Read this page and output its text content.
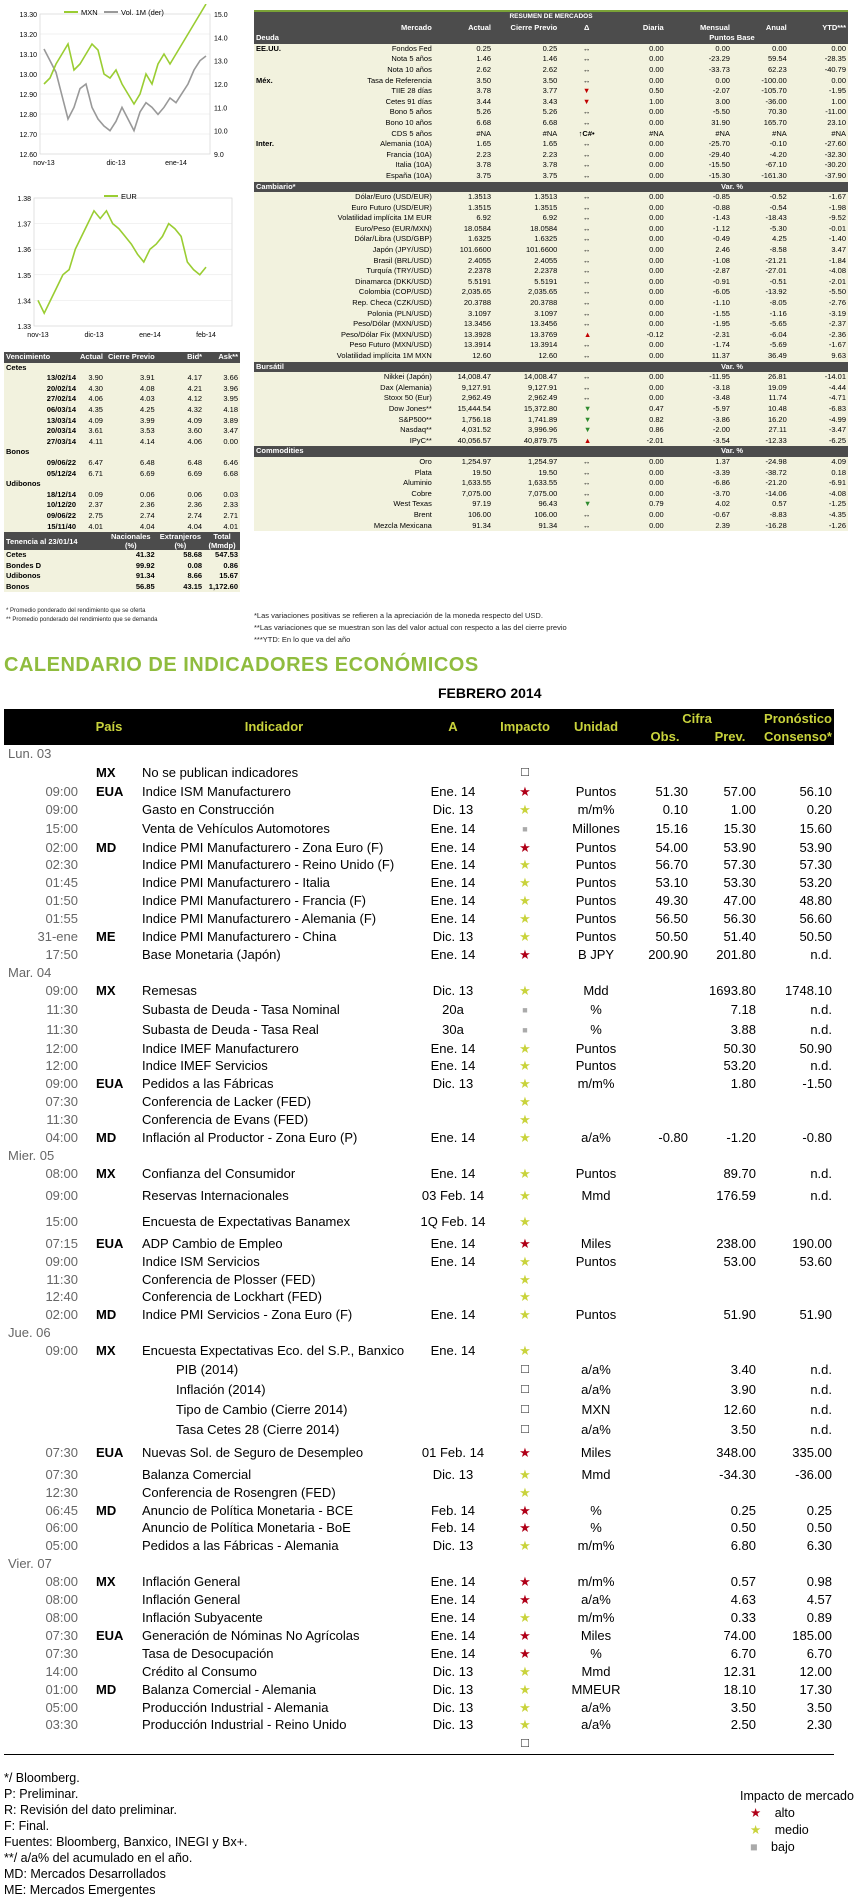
13.30
13.20
13.10
13.00
12.90
12.80
12.70
12.60
15.0
14.0
13.0
12.0
11.0
10.0
9.0
nov-13	dic-13	ene-14
MXN	Vol. 1M (der)
1.38
1.37
1.36
1.35
1.34
1.33
nov-13	dic-13	ene-14	feb-14
EUR
Vencimiento	Actual	Cierre Previo	Bid*	Ask**
Cetes				
13/02/14	3.90	3.91	4.17	3.66
20/02/14	4.30	4.08	4.21	3.96
27/02/14	4.06	4.03	4.12	3.95
06/03/14	4.35	4.25	4.32	4.18
13/03/14	4.09	3.99	4.09	3.89
20/03/14	3.61	3.53	3.60	3.47
27/03/14	4.11	4.14	4.06	0.00
Bonos				
09/06/22	6.47	6.48	6.48	6.46
05/12/24	6.71	6.69	6.69	6.68
Udibonos				
18/12/14	0.09	0.06	0.06	0.03
10/12/20	2.37	2.36	2.36	2.33
09/06/22	2.75	2.74	2.74	2.71
15/11/40	4.01	4.04	4.04	4.01
Tenencia al 23/01/14		Nacionales (%)	Extranjeros (%)	Total (Mmdp)
Cetes		41.32	58.68	547.53
Bondes D		99.92	0.08	0.86
Udibonos		91.34	8.66	15.67
Bonos		56.85	43.15	1,172.60
* Promedio ponderado del rendimiento que se oferta
** Promedio ponderado del rendimiento que se demanda
RESUMEN DE MERCADOS								
	Mercado	Actual	Cierre Previo	Δ	Diaria	Mensual	Anual	YTD***
Deuda					Puntos Base			
EE.UU.	Fondos Fed	0.25	0.25	↔	0.00	0.00	0.00	0.00
	Nota 5 años	1.46	1.46	↔	0.00	-23.29	59.54	-28.35
	Nota 10 años	2.62	2.62	↔	0.00	-33.73	62.23	-40.79
Méx.	Tasa de Referencia	3.50	3.50	↔	0.00	0.00	-100.00	0.00
	TIIE 28 días	3.78	3.77	▼	0.50	-2.07	-105.70	-1.95
	Cetes 91 días	3.44	3.43	▼	1.00	3.00	-36.00	1.00
	Bono 5 años	5.26	5.26	↔	0.00	-5.50	70.30	-11.00
	Bono 10 años	6.68	6.68	↔	0.00	31.90	165.70	23.10
	CDS 5 años	#NA	#NA	↑C#•	#NA	#NA	#NA	#NA
Inter.	Alemania (10A)	1.65	1.65	↔	0.00	-25.70	-0.10	-27.60
	Francia (10A)	2.23	2.23	↔	0.00	-29.40	-4.20	-32.30
	Italia (10A)	3.78	3.78	↔	0.00	-15.50	-67.10	-30.20
	España (10A)	3.75	3.75	↔	0.00	-15.30	-161.30	-37.90
Cambiario*					Var. %			
	Dólar/Euro (USD/EUR)	1.3513	1.3513	↔	0.00	-0.85	-0.52	-1.67
	Euro Futuro (USD/EUR)	1.3515	1.3515	↔	0.00	-0.88	-0.54	-1.98
	Volatilidad implícita 1M EUR	6.92	6.92	↔	0.00	-1.43	-18.43	-9.52
	Euro/Peso (EUR/MXN)	18.0584	18.0584	↔	0.00	-1.12	-5.30	-0.01
	Dólar/Libra (USD/GBP)	1.6325	1.6325	↔	0.00	-0.49	4.25	-1.40
	Japón (JPY/USD)	101.6600	101.6600	↔	0.00	2.46	-8.58	3.47
	Brasil (BRL/USD)	2.4055	2.4055	↔	0.00	-1.08	-21.21	-1.84
	Turquía (TRY/USD)	2.2378	2.2378	↔	0.00	-2.87	-27.01	-4.08
	Dinamarca (DKK/USD)	5.5191	5.5191	↔	0.00	-0.91	-0.51	-2.01
	Colombia (COP/USD)	2,035.65	2,035.65	↔	0.00	-6.05	-13.92	-5.50
	Rep. Checa (CZK/USD)	20.3788	20.3788	↔	0.00	-1.10	-8.05	-2.76
	Polonia (PLN/USD)	3.1097	3.1097	↔	0.00	-1.55	-1.16	-3.19
	Peso/Dólar (MXN/USD)	13.3456	13.3456	↔	0.00	-1.95	-5.65	-2.37
	Peso/Dólar Fix (MXN/USD)	13.3928	13.3769	▲	-0.12	-2.31	-6.04	-2.36
	Peso Futuro (MXN/USD)	13.3914	13.3914	↔	0.00	-1.74	-5.69	-1.67
	Volatilidad implícita 1M MXN	12.60	12.60	↔	0.00	11.37	36.49	9.63
Bursátil					Var. %			
	Nikkei (Japón)	14,008.47	14,008.47	↔	0.00	-11.95	26.81	-14.01
	Dax (Alemania)	9,127.91	9,127.91	↔	0.00	-3.18	19.09	-4.44
	Stoxx 50 (Eur)	2,962.49	2,962.49	↔	0.00	-3.48	11.74	-4.71
	Dow Jones**	15,444.54	15,372.80	▼	0.47	-5.97	10.48	-6.83
	S&P500**	1,756.18	1,741.89	▼	0.82	-3.86	16.20	-4.99
	Nasdaq**	4,031.52	3,996.96	▼	0.86	-2.00	27.11	-3.47
	IPyC**	40,056.57	40,879.75	▲	-2.01	-3.54	-12.33	-6.25
Commodities					Var. %			
	Oro	1,254.97	1,254.97	↔	0.00	1.37	-24.98	4.09
	Plata	19.50	19.50	↔	0.00	-3.39	-38.72	0.18
	Aluminio	1,633.55	1,633.55	↔	0.00	-6.86	-21.20	-6.91
	Cobre	7,075.00	7,075.00	↔	0.00	-3.70	-14.06	-4.08
	West Texas	97.19	96.43	▼	0.79	4.02	0.57	-1.25
	Brent	106.00	106.00	↔	0.00	-0.67	-8.83	-4.35
	Mezcla Mexicana	91.34	91.34	↔	0.00	2.39	-16.28	-1.26
*Las variaciones positivas se refieren a la apreciación de la moneda respecto del USD.
**Las variaciones que se muestran son las del valor actual con respecto a las del cierre previo
***YTD: En lo que va del año
CALENDARIO DE INDICADORES ECONÓMICOS
FEBRERO 2014
	País	Indicador	A	Impacto	Unidad	Cifra		Pronóstico
						Obs.	Prev.	Consenso*
Lun. 03								
	MX	No se publican indicadores		☐				
09:00	EUA	Indice ISM Manufacturero	Ene. 14	★	Puntos	51.30	57.00	56.10
09:00		Gasto en Construcción	Dic. 13	★	m/m%	0.10	1.00	0.20
15:00		Venta de Vehículos Automotores	Ene. 14	■	Millones	15.16	15.30	15.60
02:00	MD	Indice PMI Manufacturero - Zona Euro (F)	Ene. 14	★	Puntos	54.00	53.90	53.90
02:30		Indice PMI Manufacturero - Reino Unido (F)	Ene. 14	★	Puntos	56.70	57.30	57.30
01:45		Indice PMI Manufacturero - Italia	Ene. 14	★	Puntos	53.10	53.30	53.20
01:50		Indice PMI Manufacturero - Francia (F)	Ene. 14	★	Puntos	49.30	47.00	48.80
01:55		Indice PMI Manufacturero - Alemania (F)	Ene. 14	★	Puntos	56.50	56.30	56.60
31-ene	ME	Indice PMI Manufacturero - China	Dic. 13	★	Puntos	50.50	51.40	50.50
17:50		Base Monetaria (Japón)	Ene. 14	★	B JPY	200.90	201.80	n.d.
Mar. 04								
09:00	MX	Remesas	Dic. 13	★	Mdd		1693.80	1748.10
11:30		Subasta de Deuda - Tasa Nominal	20a	■	%		7.18	n.d.
11:30		Subasta de Deuda - Tasa Real	30a	■	%		3.88	n.d.
12:00		Indice IMEF Manufacturero	Ene. 14	★	Puntos		50.30	50.90
12:00		Indice IMEF Servicios	Ene. 14	★	Puntos		53.20	n.d.
09:00	EUA	Pedidos a las Fábricas	Dic. 13	★	m/m%		1.80	-1.50
07:30		Conferencia de Lacker (FED)		★				
11:30		Conferencia de Evans (FED)		★				
04:00	MD	Inflación al Productor - Zona Euro (P)	Ene. 14	★	a/a%	-0.80	-1.20	-0.80
Mier. 05								
08:00	MX	Confianza del Consumidor	Ene. 14	★	Puntos		89.70	n.d.
09:00		Reservas Internacionales	03 Feb. 14	★	Mmd		176.59	n.d.
15:00		Encuesta de Expectativas Banamex	1Q Feb. 14	★				
07:15	EUA	ADP Cambio de Empleo	Ene. 14	★	Miles		238.00	190.00
09:00		Indice ISM Servicios	Ene. 14	★	Puntos		53.00	53.60
11:30		Conferencia de Plosser (FED)		★				
12:40		Conferencia de Lockhart (FED)		★				
02:00	MD	Indice PMI Servicios - Zona Euro (F)	Ene. 14	★	Puntos		51.90	51.90
Jue. 06								
09:00	MX	Encuesta Expectativas Eco. del S.P., Banxico	Ene. 14	★				
		PIB (2014)		☐	a/a%		3.40	n.d.
		Inflación (2014)		☐	a/a%		3.90	n.d.
		Tipo de Cambio (Cierre 2014)		☐	MXN		12.60	n.d.
		Tasa Cetes 28 (Cierre 2014)		☐	a/a%		3.50	n.d.
07:30	EUA	Nuevas Sol. de Seguro de Desempleo	01 Feb. 14	★	Miles		348.00	335.00
07:30		Balanza Comercial	Dic. 13	★	Mmd		-34.30	-36.00
12:30		Conferencia de Rosengren (FED)		★				
06:45	MD	Anuncio de Política Monetaria - BCE	Feb. 14	★	%		0.25	0.25
06:00		Anuncio de Política Monetaria - BoE	Feb. 14	★	%		0.50	0.50
05:00		Pedidos a las Fábricas - Alemania	Dic. 13	★	m/m%		6.80	6.30
Vier. 07								
08:00	MX	Inflación General	Ene. 14	★	m/m%		0.57	0.98
08:00		Inflación General	Ene. 14	★	a/a%		4.63	4.57
08:00		Inflación Subyacente	Ene. 14	★	m/m%		0.33	0.89
07:30	EUA	Generación de Nóminas No Agrícolas	Ene. 14	★	Miles		74.00	185.00
07:30		Tasa de Desocupación	Ene. 14	★	%		6.70	6.70
14:00		Crédito al Consumo	Dic. 13	★	Mmd		12.31	12.00
01:00	MD	Balanza Comercial - Alemania	Dic. 13	★	MMEUR		18.10	17.30
05:00		Producción Industrial - Alemania	Dic. 13	★	a/a%		3.50	3.50
03:30		Producción Industrial - Reino Unido	Dic. 13	★	a/a%		2.50	2.30
				☐				

*/ Bloomberg.
P: Preliminar.
R: Revisión del dato preliminar.
F: Final.
Fuentes: Bloomberg, Banxico, INEGI y Bx+.
**/ a/a% del acumulado en el año.
MD: Mercados Desarrollados
ME: Mercados Emergentes
Impacto de mercado
★ alto
★ medio
■ bajo
